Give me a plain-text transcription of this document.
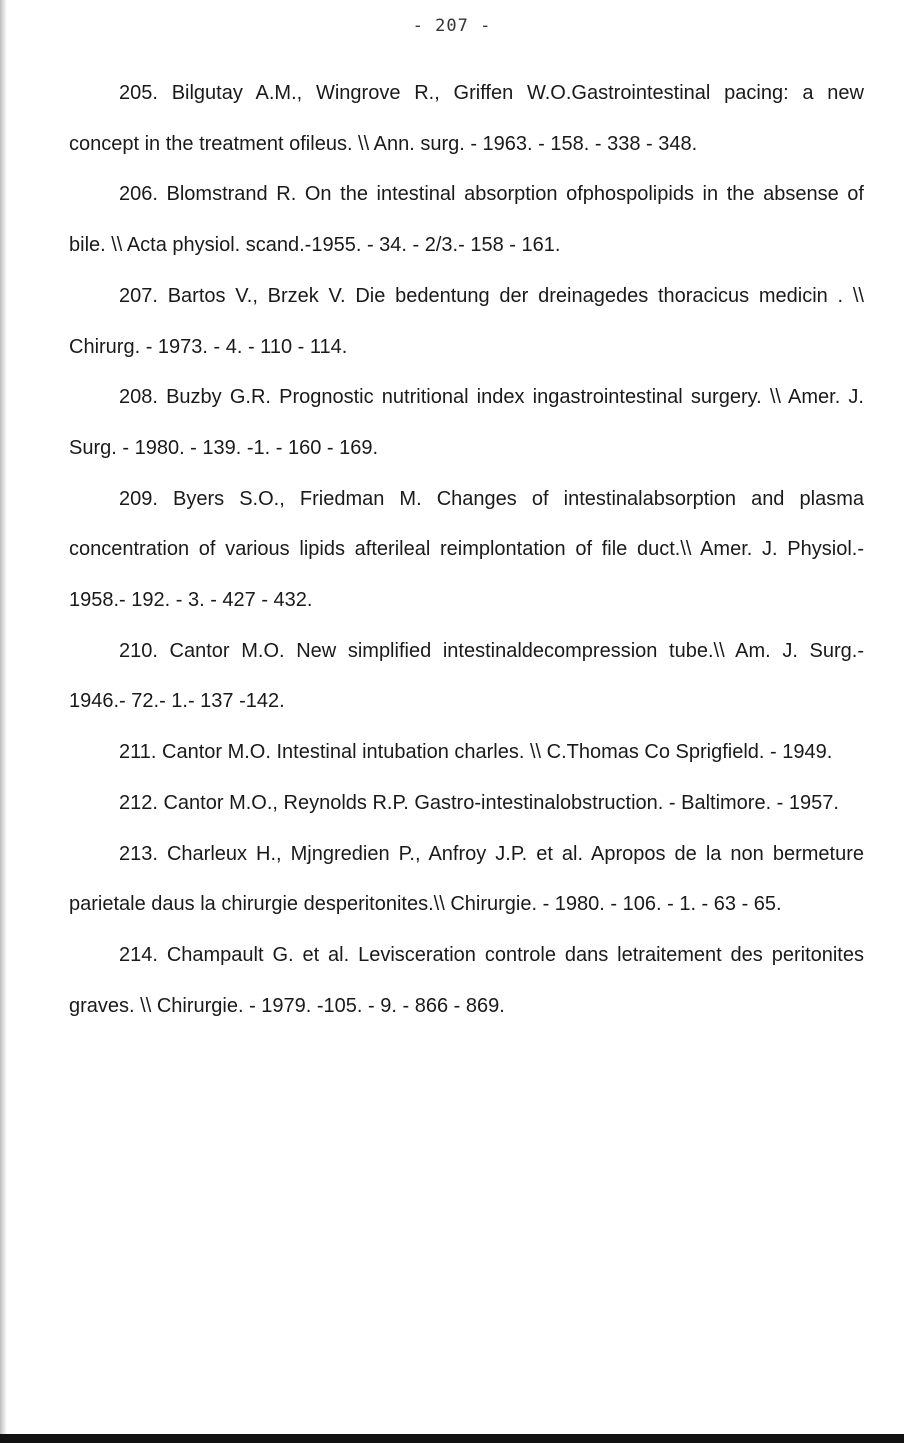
- 207 -

205. Bilgutay A.M., Wingrove R., Griffen W.O.Gastrointestinal pacing: a new concept in the treatment ofileus. \\ Ann. surg. - 1963. - 158. - 338 - 348.

206. Blomstrand R. On the intestinal absorption ofphospolipids in the absense of bile. \\ Acta physiol. scand.-1955. - 34. - 2/3.- 158 - 161.

207. Bartos V., Brzek V. Die bedentung der dreinagedes thoracicus medicin . \\ Chirurg. - 1973. - 4. - 110 - 114.

208. Buzby G.R. Prognostic nutritional index ingastrointestinal surgery. \\ Amer. J. Surg. - 1980. - 139. -1. - 160 - 169.

209. Byers S.O., Friedman M. Changes of intestinalabsorption and plasma concentration of various lipids afterileal reimplontation of file duct.\\ Amer. J. Physiol.- 1958.- 192. - 3. - 427 - 432.

210. Cantor M.O. New simplified intestinaldecompression tube.\\ Am. J. Surg.- 1946.- 72.- 1.- 137 -142.

211. Cantor M.O. Intestinal intubation charles. \\ C.Thomas Co Sprigfield. - 1949.

212. Cantor M.O., Reynolds R.P. Gastro-intestinalobstruction. - Baltimore. - 1957.

213. Charleux H., Mjngredien P., Anfroy J.P. et al. Apropos de la non bermeture parietale daus la chirurgie desperitonites.\\ Chirurgie. - 1980. - 106. - 1. - 63 - 65.

214. Champault G. et al. Levisceration controle dans letraitement des peritonites graves. \\ Chirurgie. - 1979. -105. - 9. - 866 - 869.
